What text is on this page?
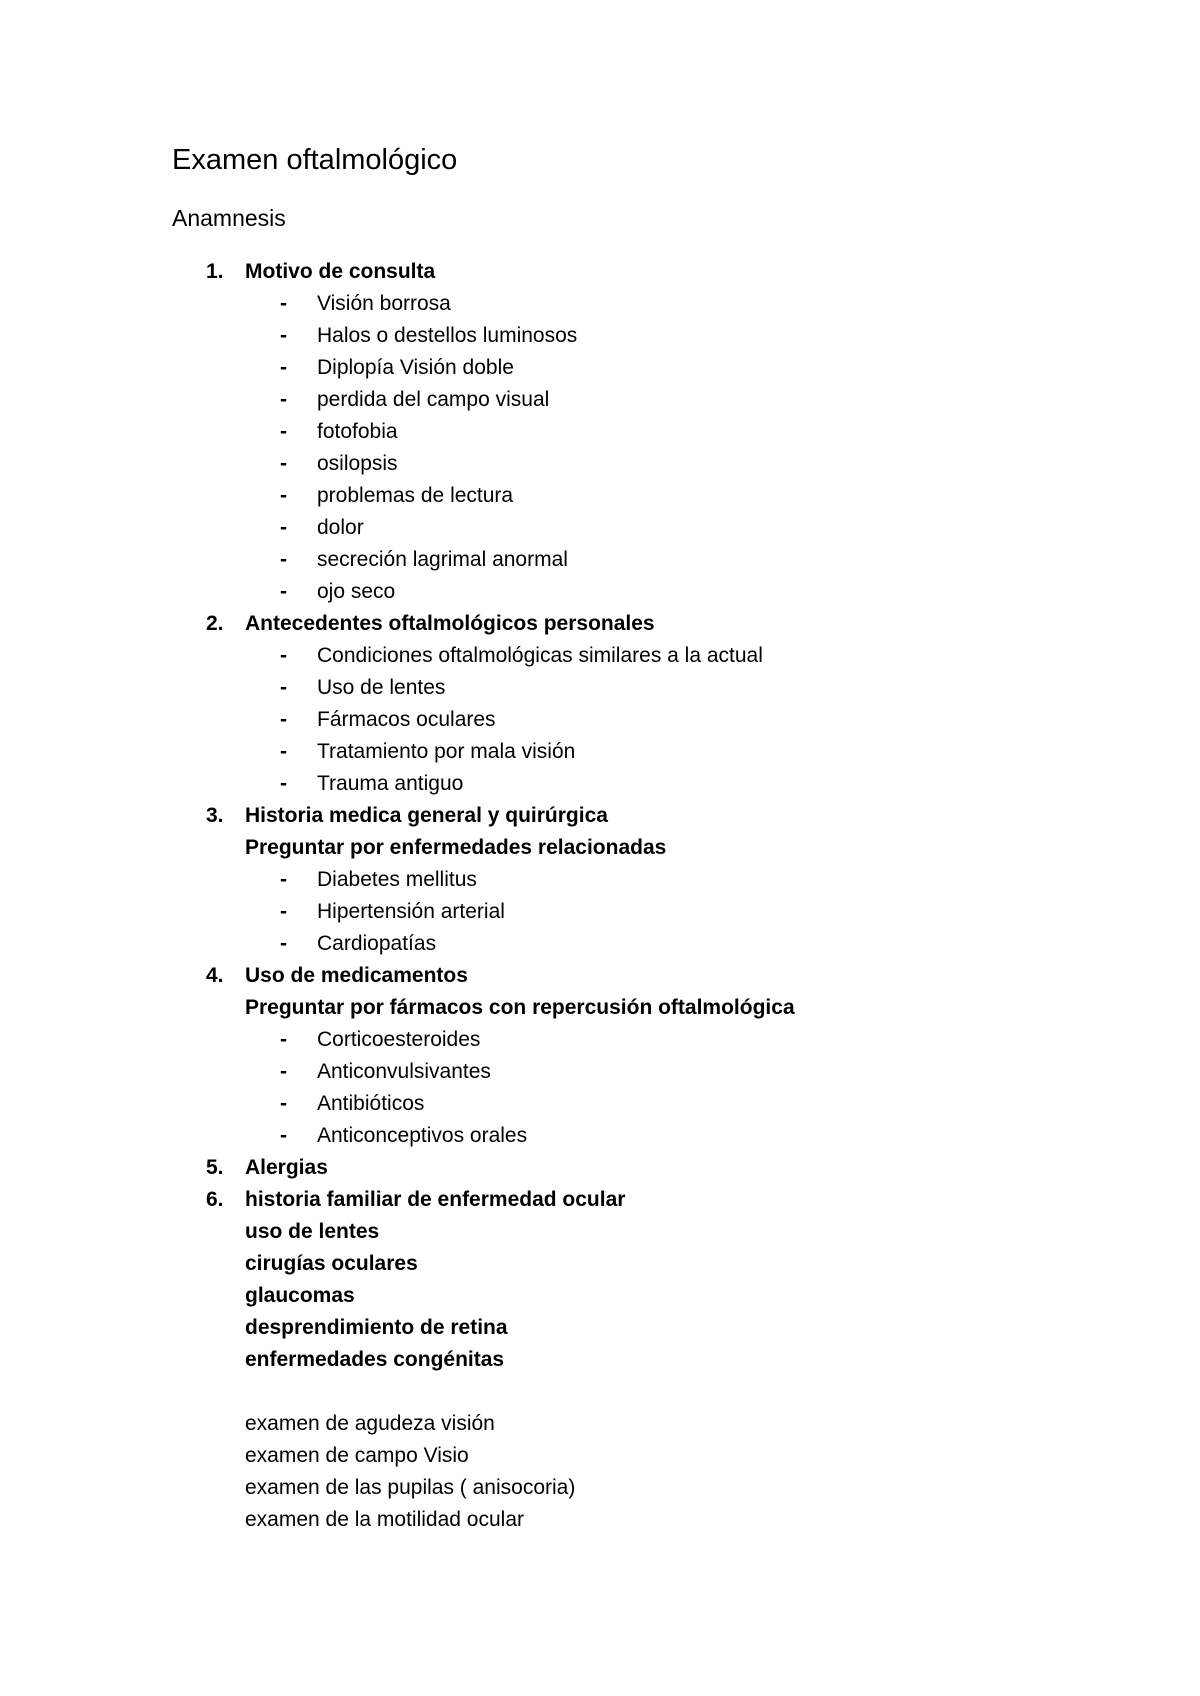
Examen oftalmológico
Anamnesis
1. Motivo de consulta
- Visión borrosa
- Halos o destellos luminosos
- Diplopía Visión doble
- perdida del campo visual
- fotofobia
- osilopsis
- problemas de lectura
- dolor
- secreción lagrimal anormal
- ojo seco
2. Antecedentes oftalmológicos personales
- Condiciones oftalmológicas similares a la actual
- Uso de lentes
- Fármacos oculares
- Tratamiento por mala visión
- Trauma antiguo
3. Historia medica general y quirúrgica
Preguntar por enfermedades relacionadas
- Diabetes mellitus
- Hipertensión arterial
- Cardiopatías
4. Uso de medicamentos
Preguntar por fármacos con repercusión oftalmológica
- Corticoesteroides
- Anticonvulsivantes
- Antibióticos
- Anticonceptivos orales
5. Alergias
6. historia familiar de enfermedad ocular
uso de lentes
cirugías oculares
glaucomas
desprendimiento de retina
enfermedades congénitas
examen de agudeza visión
examen de campo Visio
examen de las pupilas ( anisocoria)
examen de la motilidad ocular
